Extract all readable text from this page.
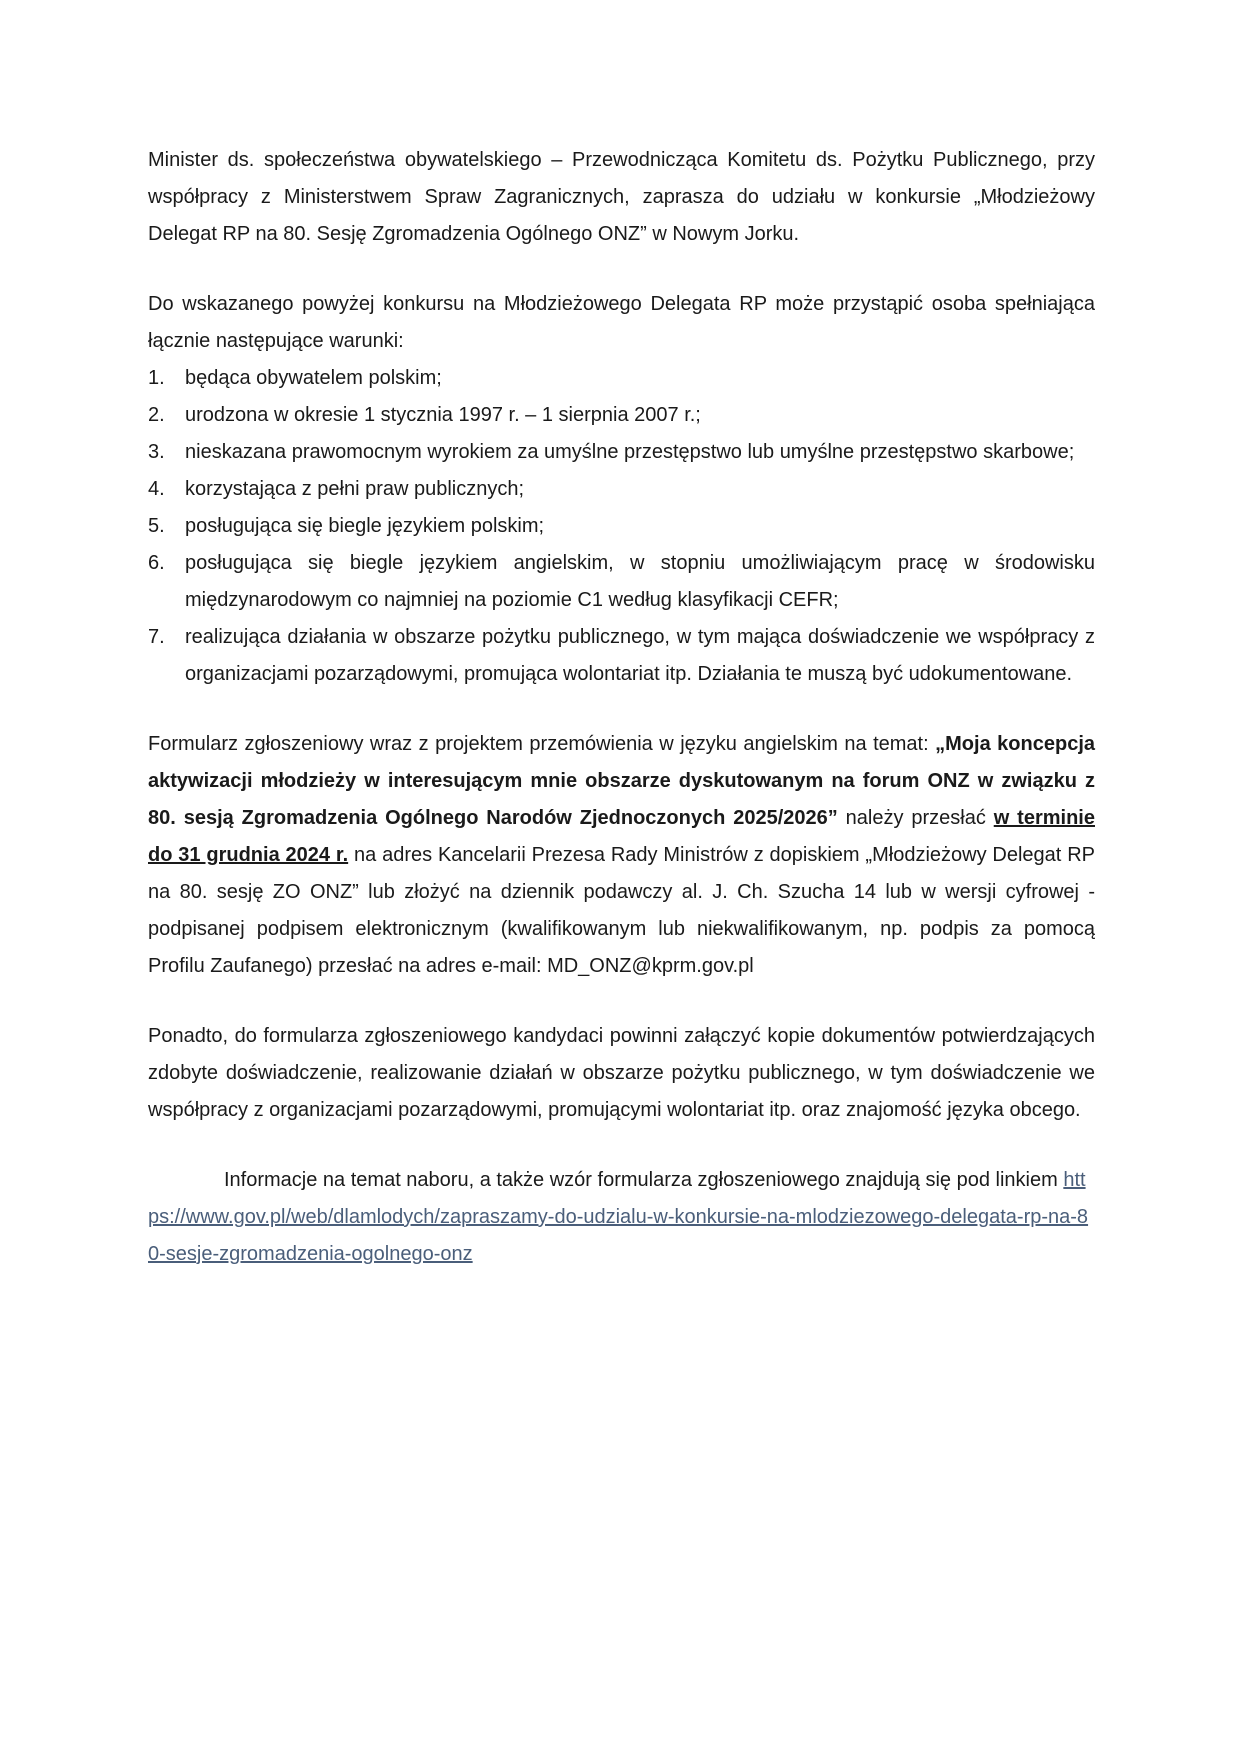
Minister ds. społeczeństwa obywatelskiego – Przewodnicząca Komitetu ds. Pożytku Publicznego, przy współpracy z Ministerstwem Spraw Zagranicznych, zaprasza do udziału w konkursie „Młodzieżowy Delegat RP na 80. Sesję Zgromadzenia Ogólnego ONZ” w Nowym Jorku.

Do wskazanego powyżej konkursu na Młodzieżowego Delegata RP może przystąpić osoba spełniająca łącznie następujące warunki:

1. będąca obywatelem polskim;
2. urodzona w okresie 1 stycznia 1997 r. – 1 sierpnia 2007 r.;
3. nieskazana prawomocnym wyrokiem za umyślne przestępstwo lub umyślne przestępstwo skarbowe;
4. korzystająca z pełni praw publicznych;
5. posługująca się biegle językiem polskim;
6. posługująca się biegle językiem angielskim, w stopniu umożliwiającym pracę w środowisku międzynarodowym co najmniej na poziomie C1 według klasyfikacji CEFR;
7. realizująca działania w obszarze pożytku publicznego, w tym mająca doświadczenie we współpracy z organizacjami pozarządowymi, promująca wolontariat itp. Działania te muszą być udokumentowane.

Formularz zgłoszeniowy wraz z projektem przemówienia w języku angielskim na temat: „Moja koncepcja aktywizacji młodzieży w interesującym mnie obszarze dyskutowanym na forum ONZ w związku z 80. sesją Zgromadzenia Ogólnego Narodów Zjednoczonych 2025/2026” należy przesłać w terminie do 31 grudnia 2024 r. na adres Kancelarii Prezesa Rady Ministrów z dopiskiem „Młodzieżowy Delegat RP na 80. sesję ZO ONZ” lub złożyć na dziennik podawczy al. J. Ch. Szucha 14 lub w wersji cyfrowej - podpisanej podpisem elektronicznym (kwalifikowanym lub niekwalifikowanym, np. podpis za pomocą Profilu Zaufanego) przesłać na adres e-mail: MD_ONZ@kprm.gov.pl

Ponadto, do formularza zgłoszeniowego kandydaci powinni załączyć kopie dokumentów potwierdzających zdobyte doświadczenie, realizowanie działań w obszarze pożytku publicznego, w tym doświadczenie we współpracy z organizacjami pozarządowymi, promującymi wolontariat itp. oraz znajomość języka obcego.

Informacje na temat naboru, a także wzór formularza zgłoszeniowego znajdują się pod linkiem https://www.gov.pl/web/dlamlodych/zapraszamy-do-udzialu-w-konkursie-na-mlodziezowego-delegata-rp-na-80-sesje-zgromadzenia-ogolnego-onz
